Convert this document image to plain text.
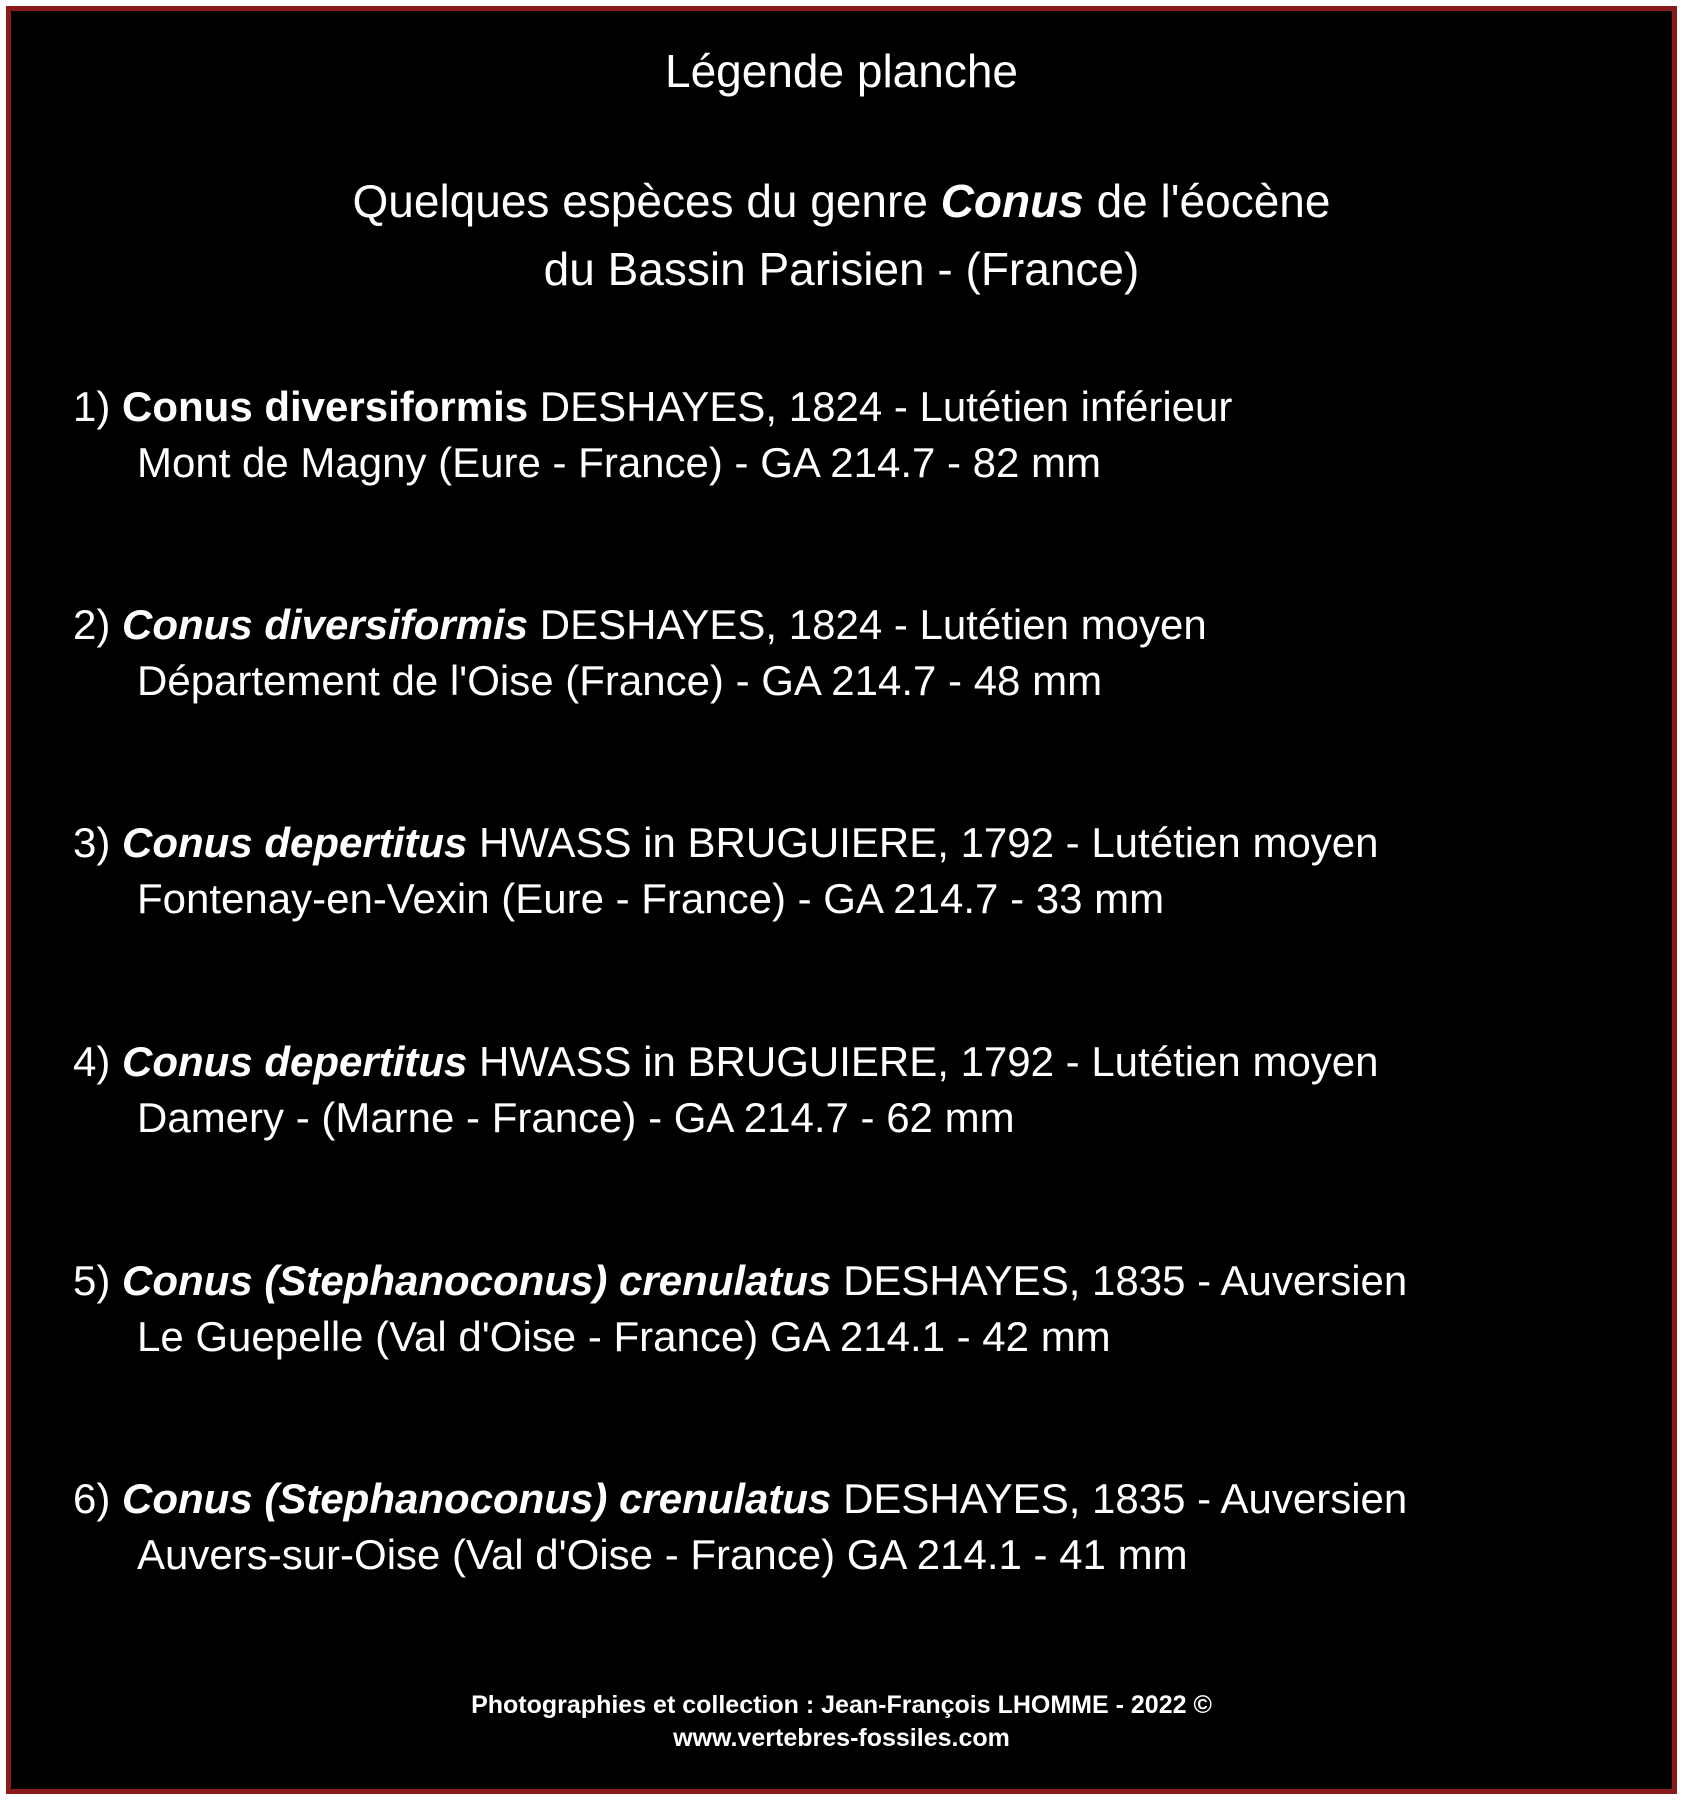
Légende planche
Quelques espèces du genre Conus de l'éocène
du Bassin Parisien - (France)
1) Conus diversiformis DESHAYES, 1824 - Lutétien inférieur
Mont de Magny (Eure - France) - GA 214.7 - 82 mm
2) Conus diversiformis DESHAYES, 1824 - Lutétien moyen
Département de l'Oise (France) - GA 214.7 - 48 mm
3) Conus depertitus HWASS in BRUGUIERE, 1792 - Lutétien moyen
Fontenay-en-Vexin (Eure - France) - GA 214.7 - 33 mm
4) Conus depertitus HWASS in BRUGUIERE, 1792 - Lutétien moyen
Damery - (Marne - France) - GA 214.7 - 62 mm
5) Conus (Stephanoconus) crenulatus DESHAYES, 1835 - Auversien
Le Guepelle (Val d'Oise - France) GA 214.1 - 42 mm
6) Conus (Stephanoconus) crenulatus DESHAYES, 1835 - Auversien
Auvers-sur-Oise (Val d'Oise - France) GA 214.1 - 41 mm
Photographies et collection : Jean-François LHOMME - 2022 ©
www.vertebres-fossiles.com
